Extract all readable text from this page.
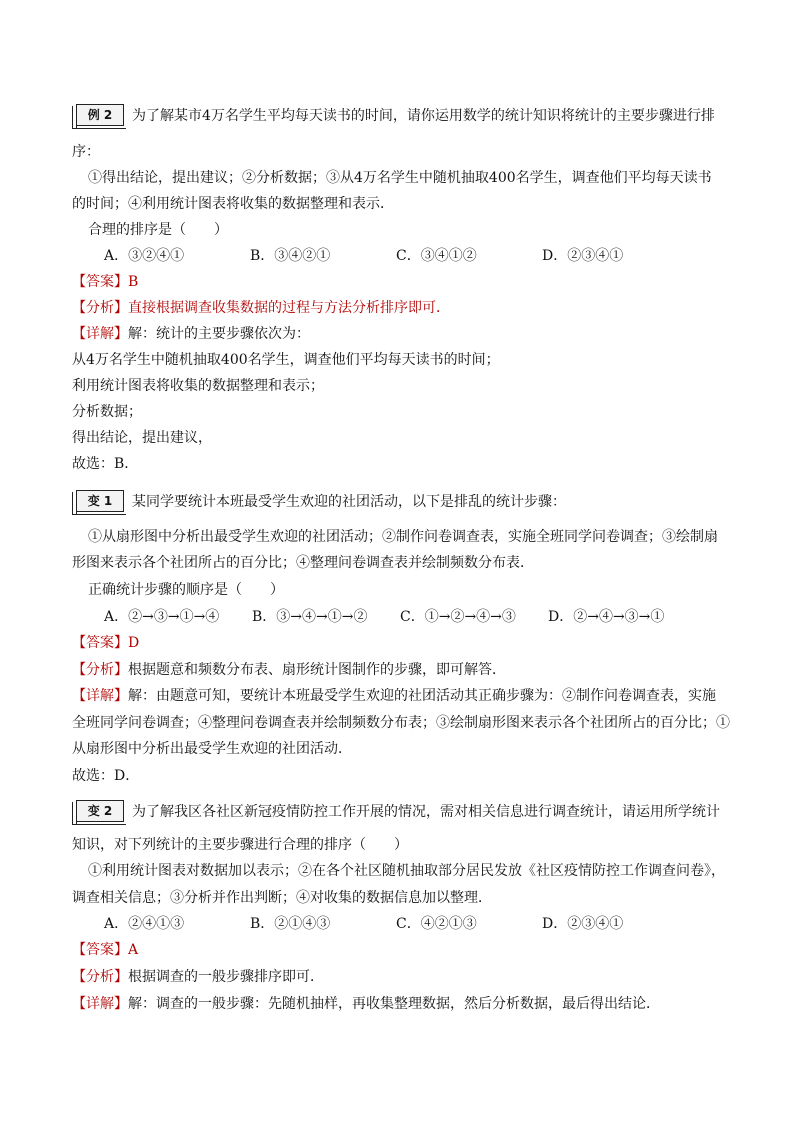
例 2	为了解某市4万名学生平均每天读书的时间，请你运用数学的统计知识将统计的主要步骤进行排
序：
①得出结论，提出建议；②分析数据；③从4万名学生中随机抽取400名学生，调查他们平均每天读书
的时间；④利用统计图表将收集的数据整理和表示．
合理的排序是（　　）
A．③②④①	B．③④②①	C．③④①②	D．②③④①
【答案】B
【分析】直接根据调查收集数据的过程与方法分析排序即可．
【详解】解：统计的主要步骤依次为：
从4万名学生中随机抽取400名学生，调查他们平均每天读书的时间；
利用统计图表将收集的数据整理和表示；
分析数据；
得出结论，提出建议，
故选：B．
变 1	某同学要统计本班最受学生欢迎的社团活动，以下是排乱的统计步骤：
①从扇形图中分析出最受学生欢迎的社团活动；②制作问卷调查表，实施全班同学问卷调查；③绘制扇
形图来表示各个社团所占的百分比；④整理问卷调查表并绘制频数分布表．
正确统计步骤的顺序是（　　）
A．②→③→①→④ B．③→④→①→② C．①→②→④→③ D．②→④→③→①
【答案】D
【分析】根据题意和频数分布表、扇形统计图制作的步骤，即可解答．
【详解】解：由题意可知，要统计本班最受学生欢迎的社团活动其正确步骤为：②制作问卷调查表，实施
全班同学问卷调查；④整理问卷调查表并绘制频数分布表；③绘制扇形图来表示各个社团所占的百分比；①
从扇形图中分析出最受学生欢迎的社团活动．
故选：D．
变 2	为了解我区各社区新冠疫情防控工作开展的情况，需对相关信息进行调查统计，请运用所学统计
知识，对下列统计的主要步骤进行合理的排序（　　）
①利用统计图表对数据加以表示；②在各个社区随机抽取部分居民发放《社区疫情防控工作调查问卷》，
调查相关信息；③分析并作出判断；④对收集的数据信息加以整理．
A．②④①③	B．②①④③	C．④②①③	D．②③④①
【答案】A
【分析】根据调查的一般步骤排序即可．
【详解】解：调查的一般步骤：先随机抽样，再收集整理数据，然后分析数据，最后得出结论．
